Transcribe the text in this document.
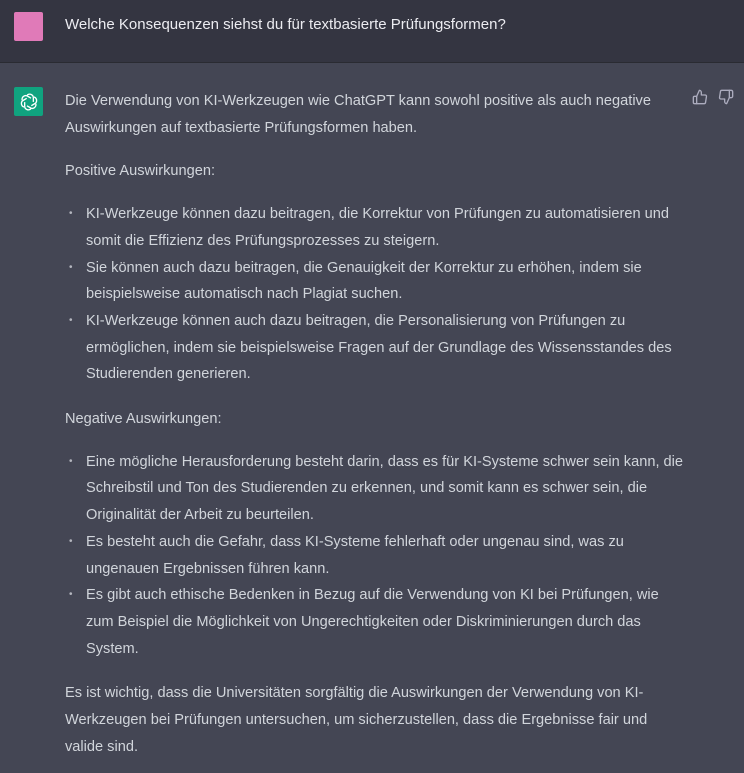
Welche Konsequenzen siehst du für textbasierte Prüfungsformen?

Die Verwendung von KI-Werkzeugen wie ChatGPT kann sowohl positive als auch negative Auswirkungen auf textbasierte Prüfungsformen haben.

Positive Auswirkungen:

• KI-Werkzeuge können dazu beitragen, die Korrektur von Prüfungen zu automatisieren und somit die Effizienz des Prüfungsprozesses zu steigern.
• Sie können auch dazu beitragen, die Genauigkeit der Korrektur zu erhöhen, indem sie beispielsweise automatisch nach Plagiat suchen.
• KI-Werkzeuge können auch dazu beitragen, die Personalisierung von Prüfungen zu ermöglichen, indem sie beispielsweise Fragen auf der Grundlage des Wissensstandes des Studierenden generieren.

Negative Auswirkungen:

• Eine mögliche Herausforderung besteht darin, dass es für KI-Systeme schwer sein kann, die Schreibstil und Ton des Studierenden zu erkennen, und somit kann es schwer sein, die Originalität der Arbeit zu beurteilen.
• Es besteht auch die Gefahr, dass KI-Systeme fehlerhaft oder ungenau sind, was zu ungenauen Ergebnissen führen kann.
• Es gibt auch ethische Bedenken in Bezug auf die Verwendung von KI bei Prüfungen, wie zum Beispiel die Möglichkeit von Ungerechtigkeiten oder Diskriminierungen durch das System.

Es ist wichtig, dass die Universitäten sorgfältig die Auswirkungen der Verwendung von KI-Werkzeugen bei Prüfungen untersuchen, um sicherzustellen, dass die Ergebnisse fair und valide sind.
